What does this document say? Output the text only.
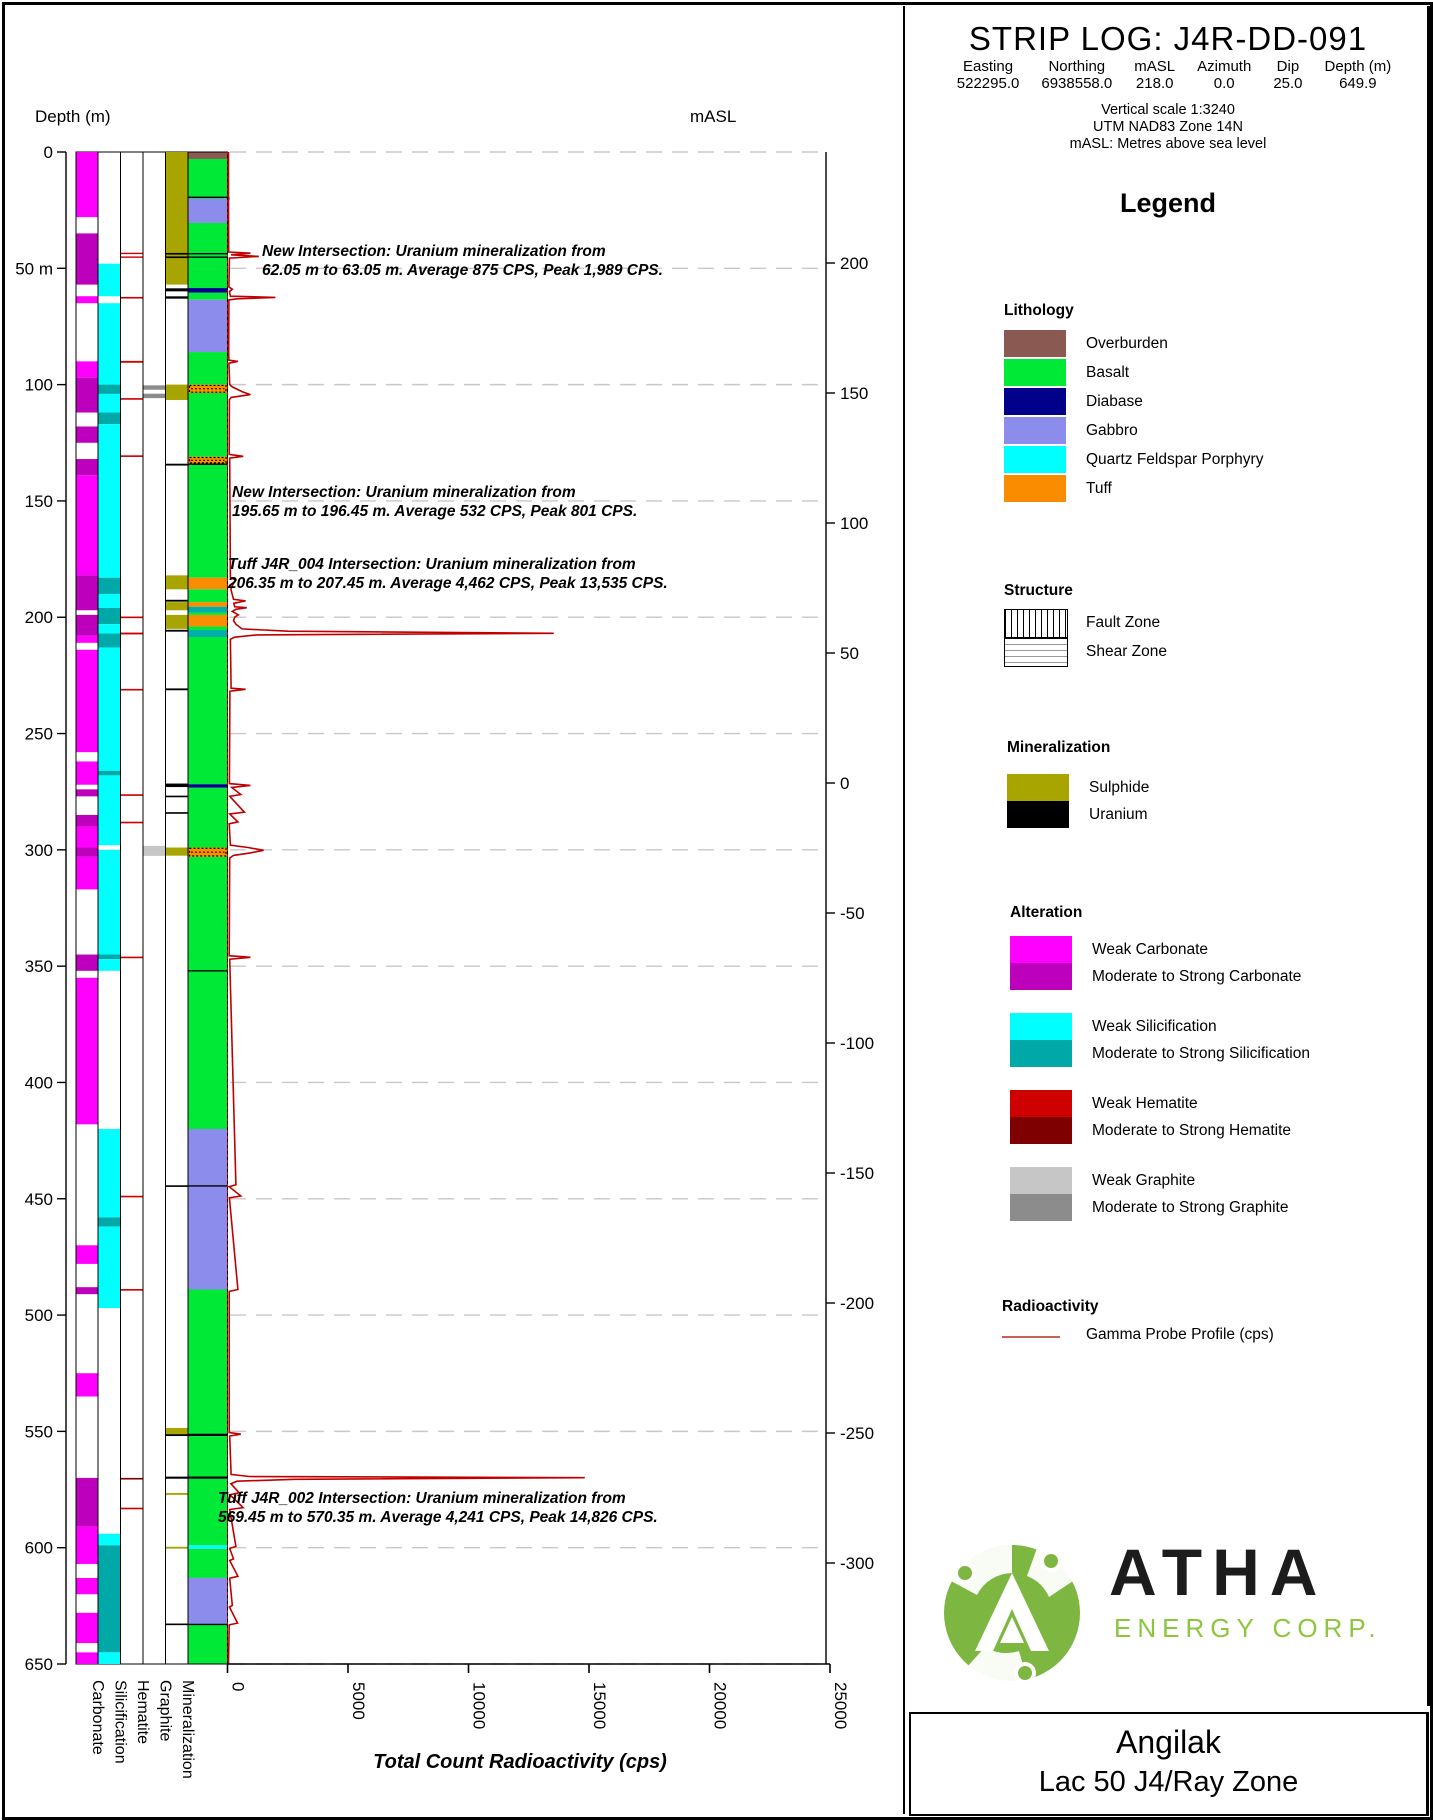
Depth (m)
0
50 m
100
150
200
250
300
350
400
450
500
550
600
650
mASL
200
150
100
50
0
-50
-100
-150
-200
-250
-300
0	5000	10000	15000	20000	25000
Total Count Radioactivity (cps)
Carbonate Silicification Hematite Graphite Mineralization
New Intersection: Uranium mineralization from
62.05 m to 63.05 m. Average 875 CPS, Peak 1,989 CPS.
New Intersection: Uranium mineralization from
195.65 m to 196.45 m. Average 532 CPS, Peak 801 CPS.
Tuff J4R_004 Intersection: Uranium mineralization from
206.35 m to 207.45 m. Average 4,462 CPS, Peak 13,535 CPS.
Tuff J4R_002 Intersection: Uranium mineralization from
569.45 m to 570.35 m. Average 4,241 CPS, Peak 14,826 CPS.
STRIP LOG: J4R-DD-091
Easting
522295.0
Northing
6938558.0
mASL
218.0
Azimuth
0.0
Dip
25.0
Depth (m)
649.9
Vertical scale 1:3240
UTM NAD83 Zone 14N
mASL: Metres above sea level
Legend
Lithology
Overburden
Basalt
Diabase
Gabbro
Quartz Feldspar Porphyry
Tuff
Structure
Fault Zone
Shear Zone
Mineralization
Sulphide
Uranium
Alteration
Weak Carbonate
Moderate to Strong Carbonate
Weak Silicification
Moderate to Strong Silicification
Weak Hematite
Moderate to Strong Hematite
Weak Graphite
Moderate to Strong Graphite
Radioactivity
Gamma Probe Profile (cps)
ATHA
ENERGY CORP.
Angilak
Lac 50 J4/Ray Zone
